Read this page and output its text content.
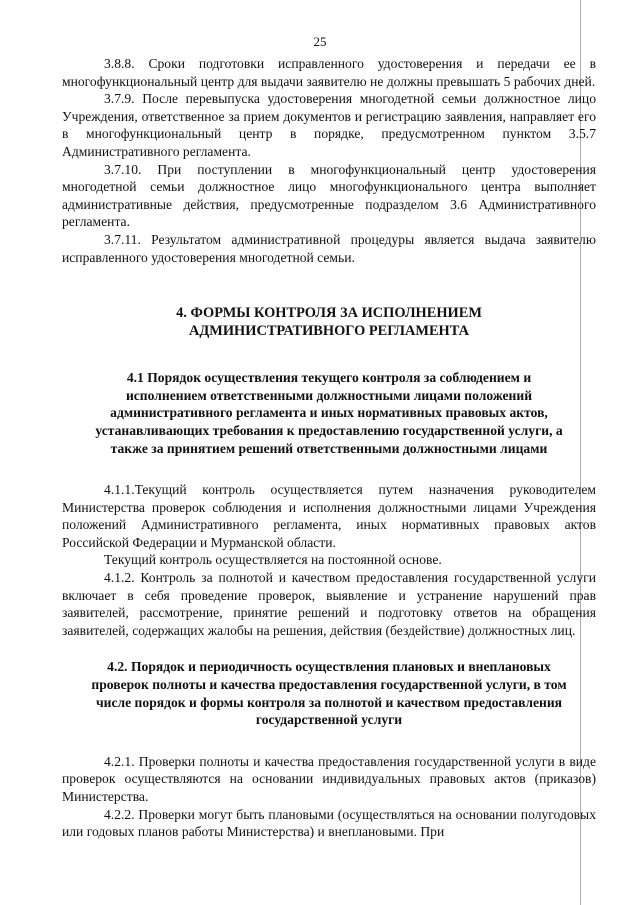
25

3.8.8. Сроки подготовки исправленного удостоверения и передачи ее в многофункциональный центр для выдачи заявителю не должны превышать 5 рабочих дней.

3.7.9. После перевыпуска удостоверения многодетной семьи должностное лицо Учреждения, ответственное за прием документов и регистрацию заявления, направляет его в многофункциональный центр в порядке, предусмотренном пунктом 3.5.7 Административного регламента.

3.7.10. При поступлении в многофункциональный центр удостоверения многодетной семьи должностное лицо многофункционального центра выполняет административные действия, предусмотренные подразделом 3.6 Административного регламента.

3.7.11. Результатом административной процедуры является выдача заявителю исправленного удостоверения многодетной семьи.

4. ФОРМЫ КОНТРОЛЯ ЗА ИСПОЛНЕНИЕМ
АДМИНИСТРАТИВНОГО РЕГЛАМЕНТА
4.1 Порядок осуществления текущего контроля за соблюдением и
исполнением ответственными должностными лицами положений
административного регламента и иных нормативных правовых актов,
устанавливающих требования к предоставлению государственной услуги, а
также за принятием решений ответственными должностными лицами

4.1.1.Текущий контроль осуществляется путем назначения руководителем Министерства проверок соблюдения и исполнения должностными лицами Учреждения положений Административного регламента, иных нормативных правовых актов Российской Федерации и Мурманской области.

Текущий контроль осуществляется на постоянной основе.

4.1.2. Контроль за полнотой и качеством предоставления государственной услуги включает в себя проведение проверок, выявление и устранение нарушений прав заявителей, рассмотрение, принятие решений и подготовку ответов на обращения заявителей, содержащих жалобы на решения, действия (бездействие) должностных лиц.

4.2. Порядок и периодичность осуществления плановых и внеплановых
проверок полноты и качества предоставления государственной услуги, в том
числе порядок и формы контроля за полнотой и качеством предоставления
государственной услуги

4.2.1. Проверки полноты и качества предоставления государственной услуги в виде проверок осуществляются на основании индивидуальных правовых актов (приказов) Министерства.

4.2.2. Проверки могут быть плановыми (осуществляться на основании полугодовых или годовых планов работы Министерства) и внеплановыми. При
